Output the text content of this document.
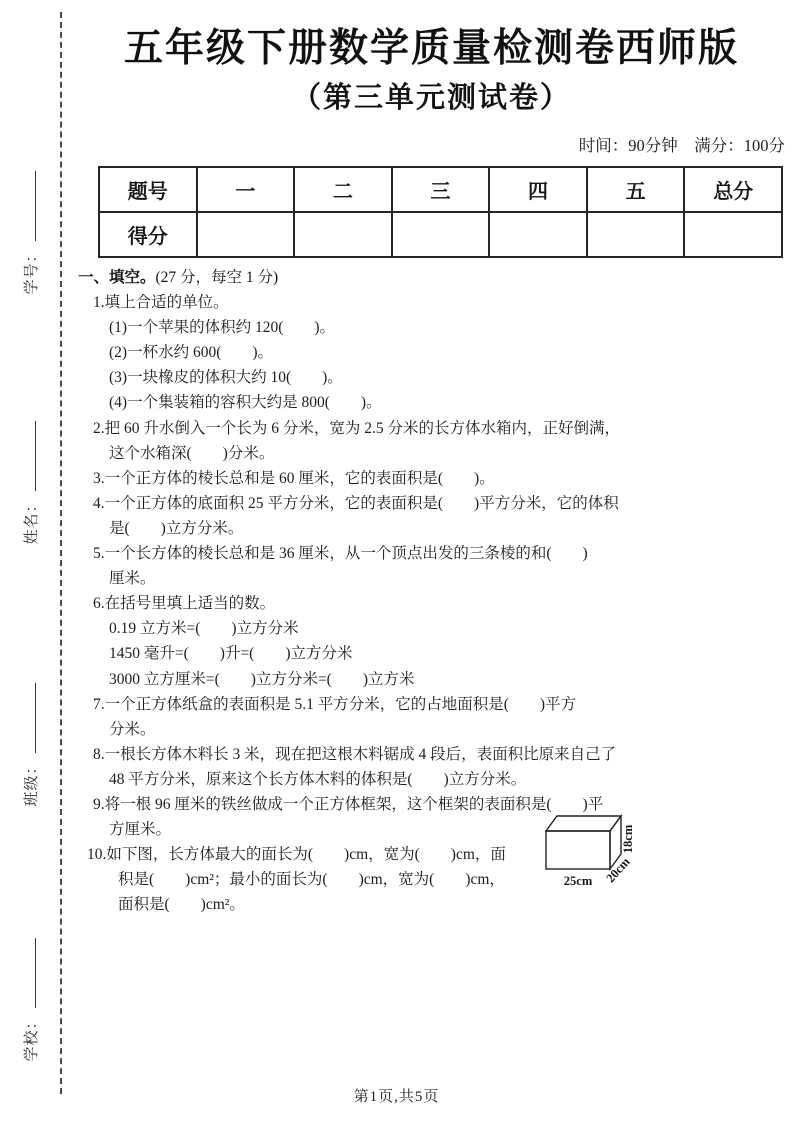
学号：
姓名：
班级：
学校：
五年级下册数学质量检测卷西师版
（第三单元测试卷）
时间：90分钟　满分：100分
题号	一	二	三	四	五	总分
得分						
一、填空。(27 分，每空 1 分)
1.填上合适的单位。
(1)一个苹果的体积约 120(　　)。
(2)一杯水约 600(　　)。
(3)一块橡皮的体积大约 10(　　)。
(4)一个集装箱的容积大约是 800(　　)。
2.把 60 升水倒入一个长为 6 分米，宽为 2.5 分米的长方体水箱内，正好倒满，
这个水箱深(　　)分米。
3.一个正方体的棱长总和是 60 厘米，它的表面积是(　　)。
4.一个正方体的底面积 25 平方分米，它的表面积是(　　)平方分米，它的体积
是(　　)立方分米。
5.一个长方体的棱长总和是 36 厘米，从一个顶点出发的三条棱的和(　　)
厘米。
6.在括号里填上适当的数。
0.19 立方米=(　　)立方分米
1450 毫升=(　　)升=(　　)立方分米
3000 立方厘米=(　　)立方分米=(　　)立方米
7.一个正方体纸盒的表面积是 5.1 平方分米，它的占地面积是(　　)平方
分米。
8.一根长方体木料长 3 米，现在把这根木料锯成 4 段后，表面积比原来自己了
48 平方分米，原来这个长方体木料的体积是(　　)立方分米。
9.将一根 96 厘米的铁丝做成一个正方体框架，这个框架的表面积是(　　)平
方厘米。
10.如下图，长方体最大的面长为(　　)cm，宽为(　　)cm，面
积是(　　)cm²；最小的面长为(　　)cm，宽为(　　)cm，
面积是(　　)cm²。
25cm 20cm
18cm
第1页,共5页
